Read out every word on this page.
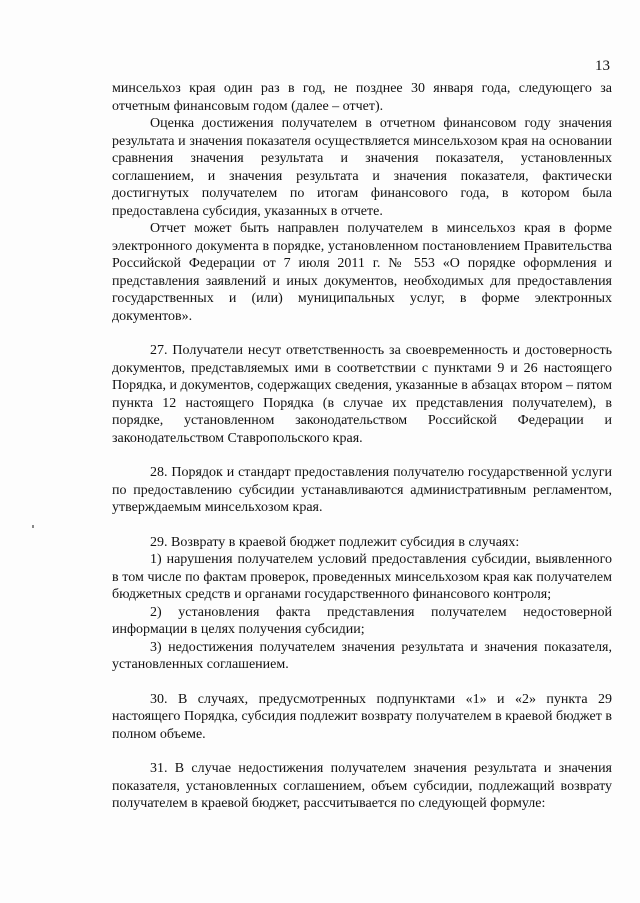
13

минсельхоз края один раз в год, не позднее 30 января года, следующего за отчетным финансовым годом (далее – отчет).

Оценка достижения получателем в отчетном финансовом году значения результата и значения показателя осуществляется минсельхозом края на основании сравнения значения результата и значения показателя, установленных соглашением, и значения результата и значения показателя, фактически достигнутых получателем по итогам финансового года, в котором была предоставлена субсидия, указанных в отчете.

Отчет может быть направлен получателем в минсельхоз края в форме электронного документа в порядке, установленном постановлением Правительства Российской Федерации от 7 июля 2011 г. № 553 «О порядке оформления и представления заявлений и иных документов, необходимых для предоставления государственных и (или) муниципальных услуг, в форме электронных документов».

27. Получатели несут ответственность за своевременность и достоверность документов, представляемых ими в соответствии с пунктами 9 и 26 настоящего Порядка, и документов, содержащих сведения, указанные в абзацах втором – пятом пункта 12 настоящего Порядка (в случае их представления получателем), в порядке, установленном законодательством Российской Федерации и законодательством Ставропольского края.

28. Порядок и стандарт предоставления получателю государственной услуги по предоставлению субсидии устанавливаются административным регламентом, утверждаемым минсельхозом края.

29. Возврату в краевой бюджет подлежит субсидия в случаях:

1) нарушения получателем условий предоставления субсидии, выявленного в том числе по фактам проверок, проведенных минсельхозом края как получателем бюджетных средств и органами государственного финансового контроля;

2) установления факта представления получателем недостоверной информации в целях получения субсидии;

3) недостижения получателем значения результата и значения показателя, установленных соглашением.

30. В случаях, предусмотренных подпунктами «1» и «2» пункта 29 настоящего Порядка, субсидия подлежит возврату получателем в краевой бюджет в полном объеме.

31. В случае недостижения получателем значения результата и значения показателя, установленных соглашением, объем субсидии, подлежащий возврату получателем в краевой бюджет, рассчитывается по следующей формуле:
